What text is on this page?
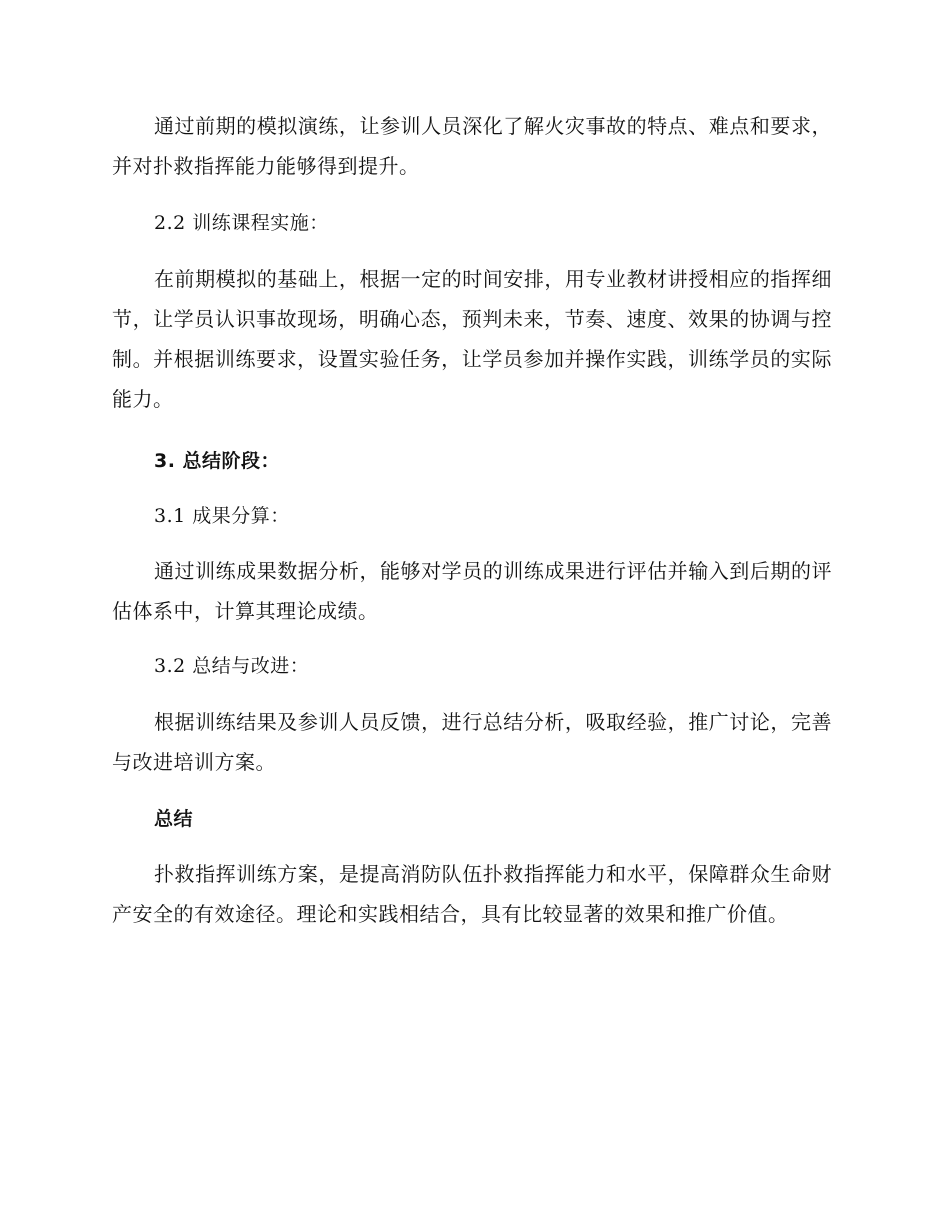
通过前期的模拟演练，让参训人员深化了解火灾事故的特点、难点和要求，并对扑救指挥能力能够得到提升。

2.2 训练课程实施：

在前期模拟的基础上，根据一定的时间安排，用专业教材讲授相应的指挥细节，让学员认识事故现场，明确心态，预判未来，节奏、速度、效果的协调与控制。并根据训练要求，设置实验任务，让学员参加并操作实践，训练学员的实际能力。

3. 总结阶段：

3.1 成果分算：

通过训练成果数据分析，能够对学员的训练成果进行评估并输入到后期的评估体系中，计算其理论成绩。

3.2 总结与改进：

根据训练结果及参训人员反馈，进行总结分析，吸取经验，推广讨论，完善与改进培训方案。

总结

扑救指挥训练方案，是提高消防队伍扑救指挥能力和水平，保障群众生命财产安全的有效途径。理论和实践相结合，具有比较显著的效果和推广价值。
